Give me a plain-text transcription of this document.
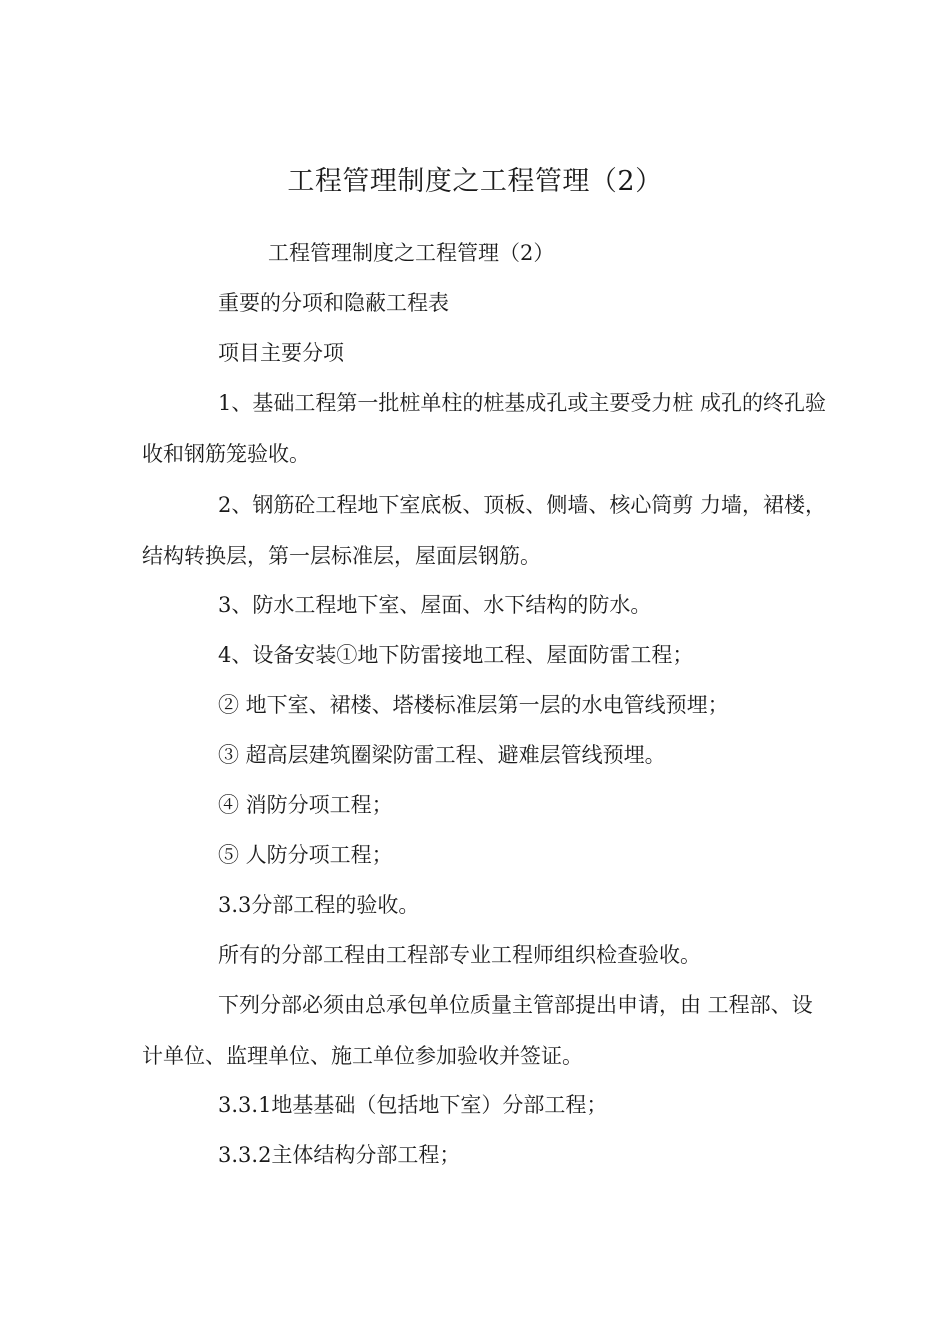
工程管理制度之工程管理（2）
工程管理制度之工程管理（2）
重要的分项和隐蔽工程表
项目主要分项
1、基础工程第一批桩单柱的桩基成孔或主要受力桩 成孔的终孔验收和钢筋笼验收。
2、钢筋砼工程地下室底板、顶板、侧墙、核心筒剪 力墙，裙楼，结构转换层，第一层标准层，屋面层钢筋。
3、防水工程地下室、屋面、水下结构的防水。
4、设备安装①地下防雷接地工程、屋面防雷工程；
② 地下室、裙楼、塔楼标准层第一层的水电管线预埋；
③ 超高层建筑圈梁防雷工程、避难层管线预埋。
④ 消防分项工程；
⑤ 人防分项工程；
3.3分部工程的验收。
所有的分部工程由工程部专业工程师组织检查验收。
下列分部必须由总承包单位质量主管部提出申请，由 工程部、设计单位、监理单位、施工单位参加验收并签证。
3.3.1地基基础（包括地下室）分部工程；
3.3.2主体结构分部工程；
